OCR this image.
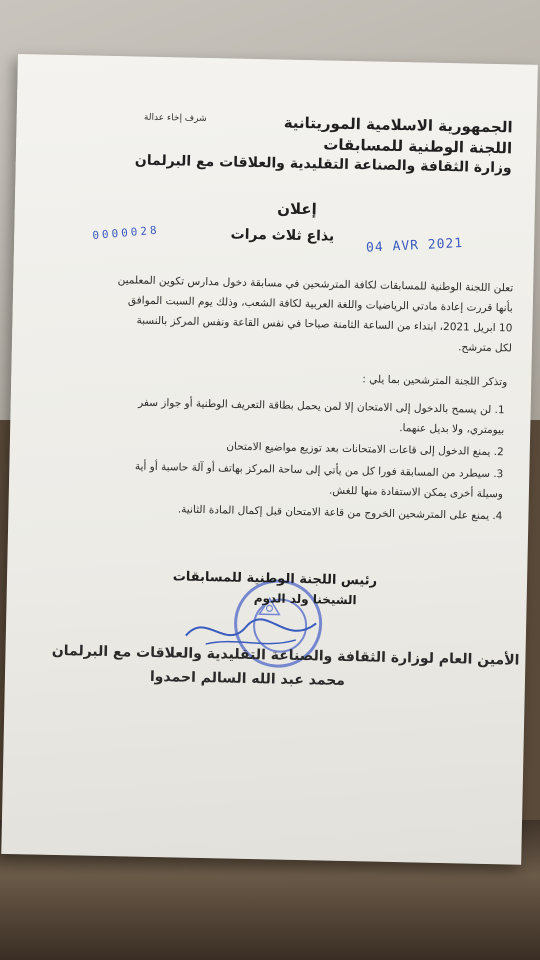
شرف إخاء عدالة	الجمهورية الاسلامية الموريتانية
اللجنة الوطنية للمسابقات
وزارة الثقافة والصناعة التقليدية والعلاقات مع البرلمان
إعلان
يذاع ثلاث مرات
0000028
04 AVR 2021
تعلن اللجنة الوطنية للمسابقات لكافة المترشحين في مسابقة دخول مدارس تكوين المعلمين
بأنها قررت إعادة مادتي الرياضيات واللغة العربية لكافة الشعب، وذلك يوم السبت الموافق
10 ابريل 2021، ابتداء من الساعة الثامنة صباحا في نفس القاعة ونفس المركز بالنسبة
لكل مترشح.
وتذكر اللجنة المترشحين بما يلي :
1. لن يسمح بالدخول إلى الامتحان إلا لمن يحمل بطاقة التعريف الوطنية أو جواز سفر
بيومتري، ولا بديل عنهما.
2. يمنع الدخول إلى قاعات الامتحانات بعد توزيع مواضيع الامتحان
3. سيطرد من المسابقة فورا كل من يأتي إلى ساحة المركز بهاتف أو آلة حاسبة أو أية
وسيلة أخرى يمكن الاستفادة منها للغش.
4. يمنع على المترشحين الخروج من قاعة الامتحان قبل إكمال المادة الثانية.
رئيس اللجنة الوطنية للمسابقات
الشيخنا ولد الدوم
الأمين العام لوزارة الثقافة والصناعة التقليدية والعلاقات مع البرلمان
محمد عبد الله السالم احمدوا
